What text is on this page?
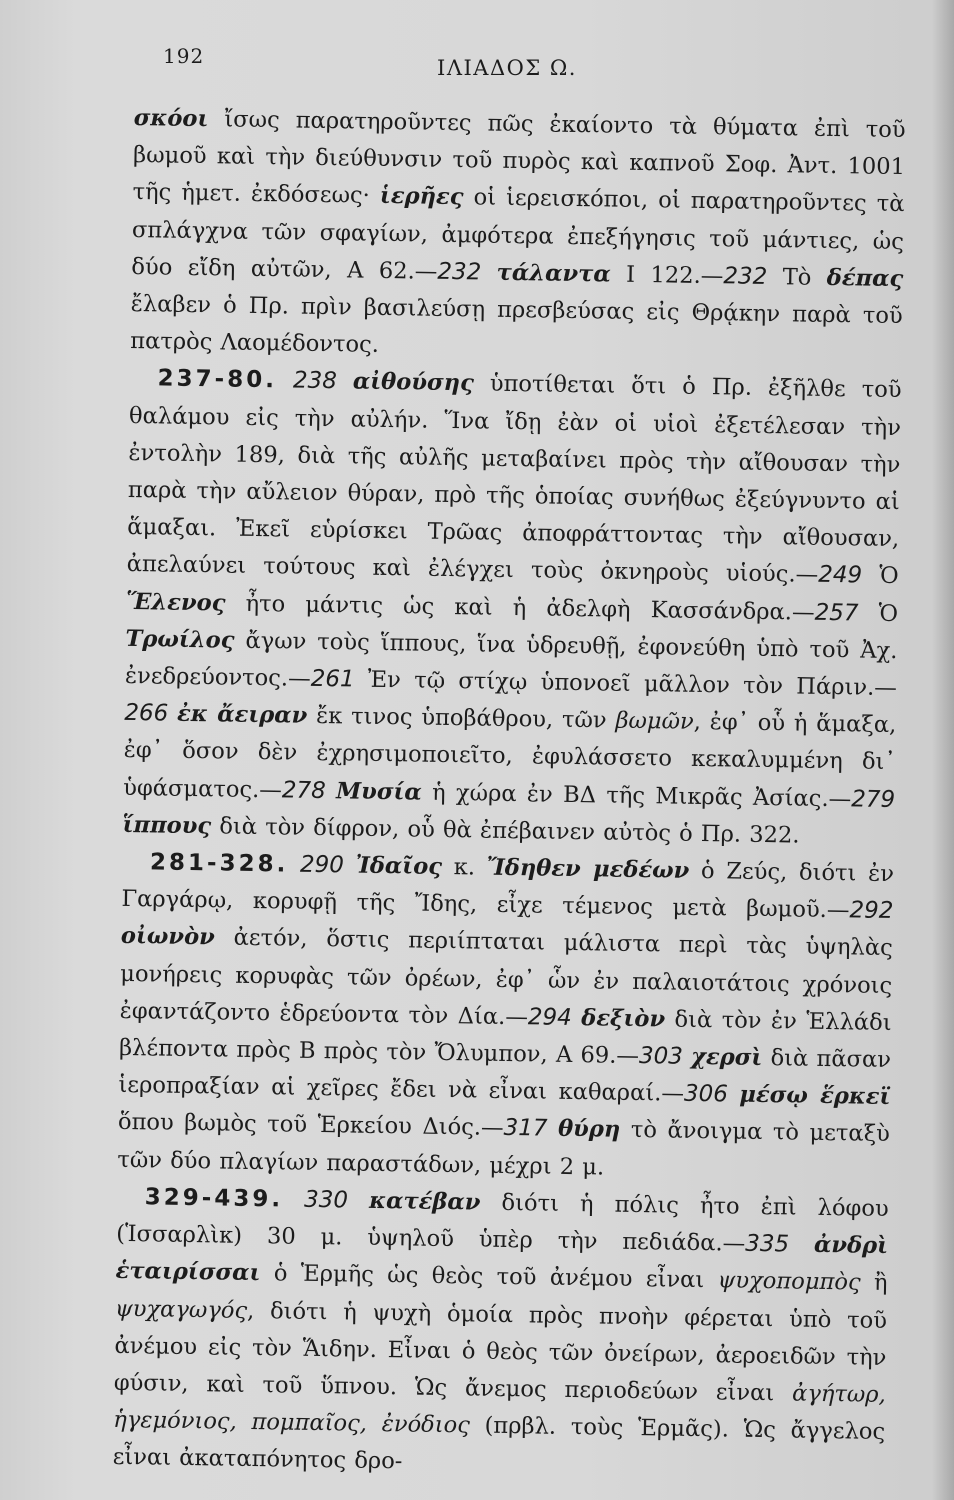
192	ΙΛΙΑΔΟΣ Ω.

σκόοι ἴσως παρατηροῦντες πῶς ἐκαίοντο τὰ θύματα ἐπὶ τοῦ βωμοῦ καὶ τὴν διεύθυνσιν τοῦ πυρὸς καὶ καπνοῦ Σοφ. Ἀντ. 1001 τῆς ἡμετ. ἐκδόσεως· ἱερῆες οἱ ἱερεισκόποι, οἱ παρατηροῦντες τὰ σπλάγχνα τῶν σφαγίων, ἀμφότερα ἐπεξήγησις τοῦ μάντιες, ὡς δύο εἴδη αὐτῶν, Α 62.—232 τάλαντα Ι 122.—232 Τὸ δέπας ἔλαβεν ὁ Πρ. πρὶν βασιλεύσῃ πρεσβεύσας εἰς Θρᾴκην παρὰ τοῦ πατρὸς Λαομέδοντος.

237-80. 238 αἰθούσης ὑποτίθεται ὅτι ὁ Πρ. ἐξῆλθε τοῦ θαλάμου εἰς τὴν αὐλήν. Ἵνα ἴδῃ ἐὰν οἱ υἱοὶ ἐξετέλεσαν τὴν ἐντολὴν 189, διὰ τῆς αὐλῆς μεταβαίνει πρὸς τὴν αἴθουσαν τὴν παρὰ τὴν αὔλειον θύραν, πρὸ τῆς ὁποίας συνήθως ἐξεύγνυντο αἱ ἅμαξαι. Ἐκεῖ εὑρίσκει Τρῶας ἀποφράττοντας τὴν αἴθουσαν, ἀπελαύνει τούτους καὶ ἐλέγχει τοὺς ὀκνηροὺς υἱούς.—249 Ὁ Ἕλενος ἦτο μάντις ὡς καὶ ἡ ἀδελφὴ Κασσάνδρα.—257 Ὁ Τρωίλος ἄγων τοὺς ἵππους, ἵνα ὑδρευθῇ, ἐφονεύθη ὑπὸ τοῦ Ἀχ. ἐνεδρεύοντος.—261 Ἐν τῷ στίχῳ ὑπονοεῖ μᾶλλον τὸν Πάριν.—266 ἐκ ἄειραν ἔκ τινος ὑποβάθρου, τῶν βωμῶν, ἐφ᾽ οὗ ἡ ἅμαξα, ἐφ᾽ ὅσον δὲν ἐχρησιμοποιεῖτο, ἐφυλάσσετο κεκαλυμμένη δι᾽ ὑφάσματος.—278 Μυσία ἡ χώρα ἐν ΒΔ τῆς Μικρᾶς Ἀσίας.—279 ἵππους διὰ τὸν δίφρον, οὗ θὰ ἐπέβαινεν αὐτὸς ὁ Πρ. 322.

281-328. 290 Ἰδαῖος κ. Ἴδηθεν μεδέων ὁ Ζεύς, διότι ἐν Γαργάρῳ, κορυφῇ τῆς Ἴδης, εἶχε τέμενος μετὰ βωμοῦ.—292 οἰωνὸν ἀετόν, ὅστις περιίπταται μάλιστα περὶ τὰς ὑψηλὰς μονήρεις κορυφὰς τῶν ὀρέων, ἐφ᾽ ὧν ἐν παλαιοτάτοις χρόνοις ἐφαντάζοντο ἑδρεύοντα τὸν Δία.—294 δεξιὸν διὰ τὸν ἐν Ἑλλάδι βλέποντα πρὸς Β πρὸς τὸν Ὄλυμπον, Α 69.—303 χερσὶ διὰ πᾶσαν ἱεροπραξίαν αἱ χεῖρες ἔδει νὰ εἶναι καθαραί.—306 μέσῳ ἕρκεϊ ὅπου βωμὸς τοῦ Ἑρκείου Διός.—317 θύρη τὸ ἄνοιγμα τὸ μεταξὺ τῶν δύο πλαγίων παραστάδων, μέχρι 2 μ.

329-439. 330 κατέβαν διότι ἡ πόλις ἦτο ἐπὶ λόφου (Ἱσσαρλὶκ) 30 μ. ὑψηλοῦ ὑπὲρ τὴν πεδιάδα.—335 ἀνδρὶ ἑταιρίσσαι ὁ Ἑρμῆς ὡς θεὸς τοῦ ἀνέμου εἶναι ψυχοπομπὸς ἢ ψυχαγωγός, διότι ἡ ψυχὴ ὁμοία πρὸς πνοὴν φέρεται ὑπὸ τοῦ ἀνέμου εἰς τὸν Ἅιδην. Εἶναι ὁ θεὸς τῶν ὀνείρων, ἀεροειδῶν τὴν φύσιν, καὶ τοῦ ὕπνου. Ὡς ἄνεμος περιοδεύων εἶναι ἀγήτωρ, ἡγεμόνιος, πομπαῖος, ἐνόδιος (πρβλ. τοὺς Ἑρμᾶς). Ὡς ἄγγελος εἶναι ἀκαταπόνητος δρο-
